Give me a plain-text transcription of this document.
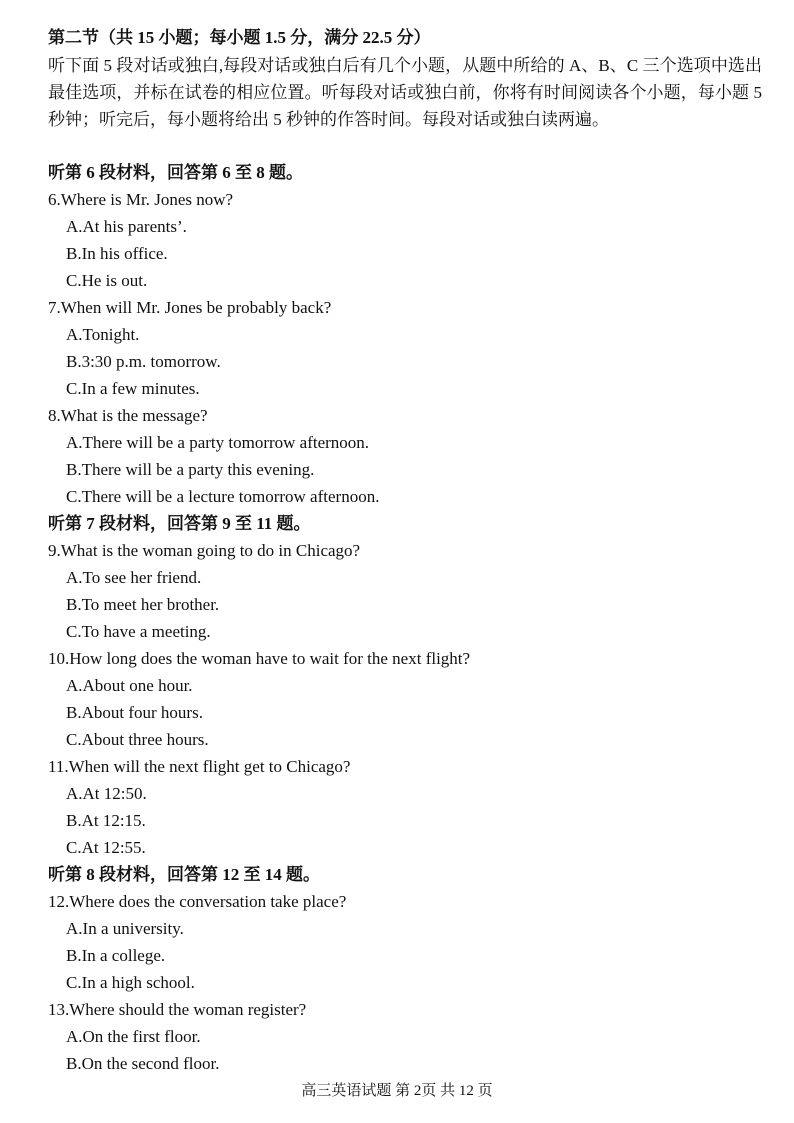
第二节（共 15 小题；每小题 1.5 分，满分 22.5 分）
听下面 5 段对话或独白,每段对话或独白后有几个小题，从题中所给的 A、B、C 三个选项中选出最佳选项，并标在试卷的相应位置。听每段对话或独白前，你将有时间阅读各个小题，每小题 5 秒钟；听完后，每小题将给出 5 秒钟的作答时间。每段对话或独白读两遍。
听第 6 段材料，回答第 6 至 8 题。
6.Where is Mr. Jones now?
A.At his parents’.
B.In his office.
C.He is out.
7.When will Mr. Jones be probably back?
A.Tonight.
B.3:30 p.m. tomorrow.
C.In a few minutes.
8.What is the message?
A.There will be a party tomorrow afternoon.
B.There will be a party this evening.
C.There will be a lecture tomorrow afternoon.
听第 7 段材料，回答第 9 至 11 题。
9.What is the woman going to do in Chicago?
A.To see her friend.
B.To meet her brother.
C.To have a meeting.
10.How long does the woman have to wait for the next flight?
A.About one hour.
B.About four hours.
C.About three hours.
11.When will the next flight get to Chicago?
A.At 12:50.
B.At 12:15.
C.At 12:55.
听第 8 段材料，回答第 12 至 14 题。
12.Where does the conversation take place?
A.In a university.
B.In a college.
C.In a high school.
13.Where should the woman register?
A.On the first floor.
B.On the second floor.
高三英语试题 第 2页 共 12 页
